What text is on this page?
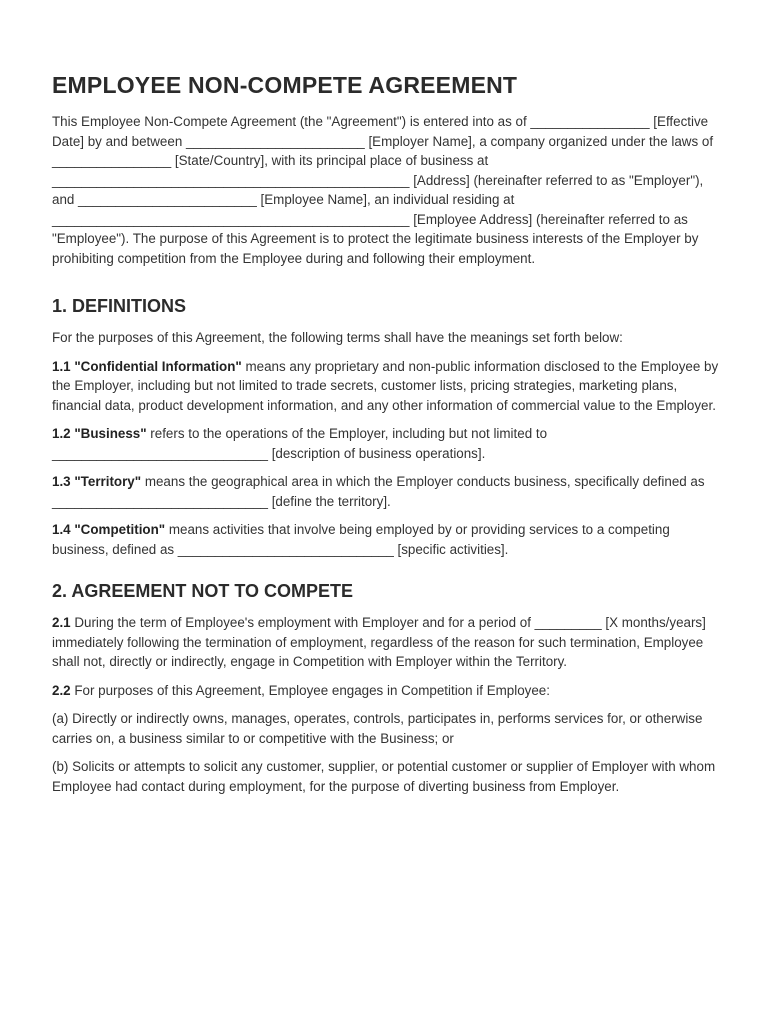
EMPLOYEE NON-COMPETE AGREEMENT

This Employee Non-Compete Agreement (the "Agreement") is entered into as of ________________ [Effective Date] by and between ________________________ [Employer Name], a company organized under the laws of ________________ [State/Country], with its principal place of business at ________________________________________________ [Address] (hereinafter referred to as "Employer"), and ________________________ [Employee Name], an individual residing at ________________________________________________ [Employee Address] (hereinafter referred to as "Employee"). The purpose of this Agreement is to protect the legitimate business interests of the Employer by prohibiting competition from the Employee during and following their employment.

1. DEFINITIONS

For the purposes of this Agreement, the following terms shall have the meanings set forth below:

1.1 "Confidential Information" means any proprietary and non-public information disclosed to the Employee by the Employer, including but not limited to trade secrets, customer lists, pricing strategies, marketing plans, financial data, product development information, and any other information of commercial value to the Employer.

1.2 "Business" refers to the operations of the Employer, including but not limited to _____________________________ [description of business operations].

1.3 "Territory" means the geographical area in which the Employer conducts business, specifically defined as _____________________________ [define the territory].

1.4 "Competition" means activities that involve being employed by or providing services to a competing business, defined as _____________________________ [specific activities].

2. AGREEMENT NOT TO COMPETE

2.1 During the term of Employee's employment with Employer and for a period of _________ [X months/years] immediately following the termination of employment, regardless of the reason for such termination, Employee shall not, directly or indirectly, engage in Competition with Employer within the Territory.

2.2 For purposes of this Agreement, Employee engages in Competition if Employee:

(a) Directly or indirectly owns, manages, operates, controls, participates in, performs services for, or otherwise carries on, a business similar to or competitive with the Business; or

(b) Solicits or attempts to solicit any customer, supplier, or potential customer or supplier of Employer with whom Employee had contact during employment, for the purpose of diverting business from Employer.
